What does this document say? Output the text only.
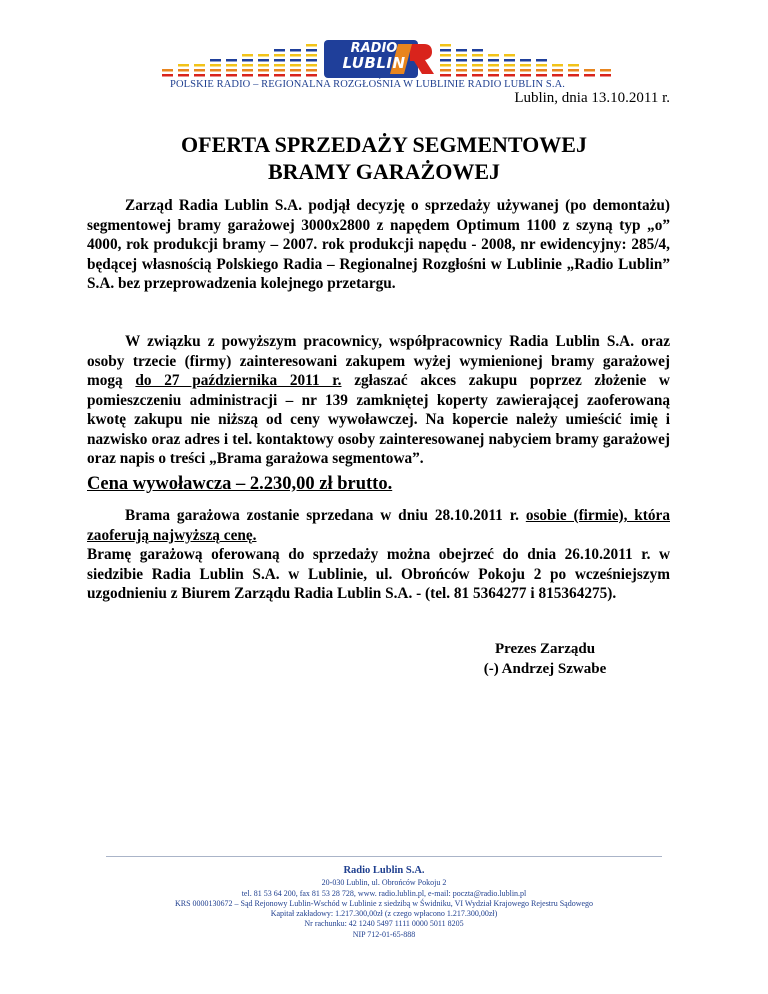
RADIO
LUBLIN
POLSKIE RADIO – REGIONALNA ROZGŁOŚNIA W LUBLINIE RADIO LUBLIN S.A.
Lublin, dnia 13.10.2011 r.
OFERTA SPRZEDAŻY SEGMENTOWEJ
BRAMY GARAŻOWEJ

Zarząd Radia Lublin S.A. podjął decyzję o sprzedaży używanej (po demontażu) segmentowej bramy garażowej 3000x2800 z napędem Optimum 1100 z szyną typ „o” 4000, rok produkcji bramy – 2007. rok produkcji napędu - 2008, nr ewidencyjny: 285/4, będącej własnością Polskiego Radia – Regionalnej Rozgłośni w Lublinie „Radio Lublin” S.A. bez przeprowadzenia kolejnego przetargu.

W związku z powyższym pracownicy, współpracownicy Radia Lublin S.A. oraz osoby trzecie (firmy) zainteresowani zakupem wyżej wymienionej bramy garażowej mogą do 27 października 2011 r. zgłaszać akces zakupu poprzez złożenie w pomieszczeniu administracji – nr 139 zamkniętej koperty zawierającej zaoferowaną kwotę zakupu nie niższą od ceny wywoławczej. Na kopercie należy umieścić imię i nazwisko oraz adres i tel. kontaktowy osoby zainteresowanej nabyciem bramy garażowej oraz napis o treści „Brama garażowa segmentowa”.

Cena wywoławcza – 2.230,00 zł brutto.

Brama garażowa zostanie sprzedana w dniu 28.10.2011 r. osobie (firmie), która zaoferują najwyższą cenę.

Bramę garażową oferowaną do sprzedaży można obejrzeć do dnia 26.10.2011 r. w siedzibie Radia Lublin S.A. w Lublinie, ul. Obrońców Pokoju 2 po wcześniejszym uzgodnieniu z Biurem Zarządu Radia Lublin S.A. - (tel. 81 5364277 i 815364275).

Prezes Zarządu
(-) Andrzej Szwabe
Radio Lublin S.A.
20-030 Lublin, ul. Obrońców Pokoju 2
tel. 81 53 64 200, fax 81 53 28 728, www. radio.lublin.pl, e-mail: poczta@radio.lublin.pl
KRS 0000130672 – Sąd Rejonowy Lublin-Wschód w Lublinie z siedzibą w Świdniku, VI Wydział Krajowego Rejestru Sądowego
Kapitał zakładowy: 1.217.300,00zł (z czego wpłacono 1.217.300,00zł)
Nr rachunku: 42 1240 5497 1111 0000 5011 8205
NIP 712-01-65-888
